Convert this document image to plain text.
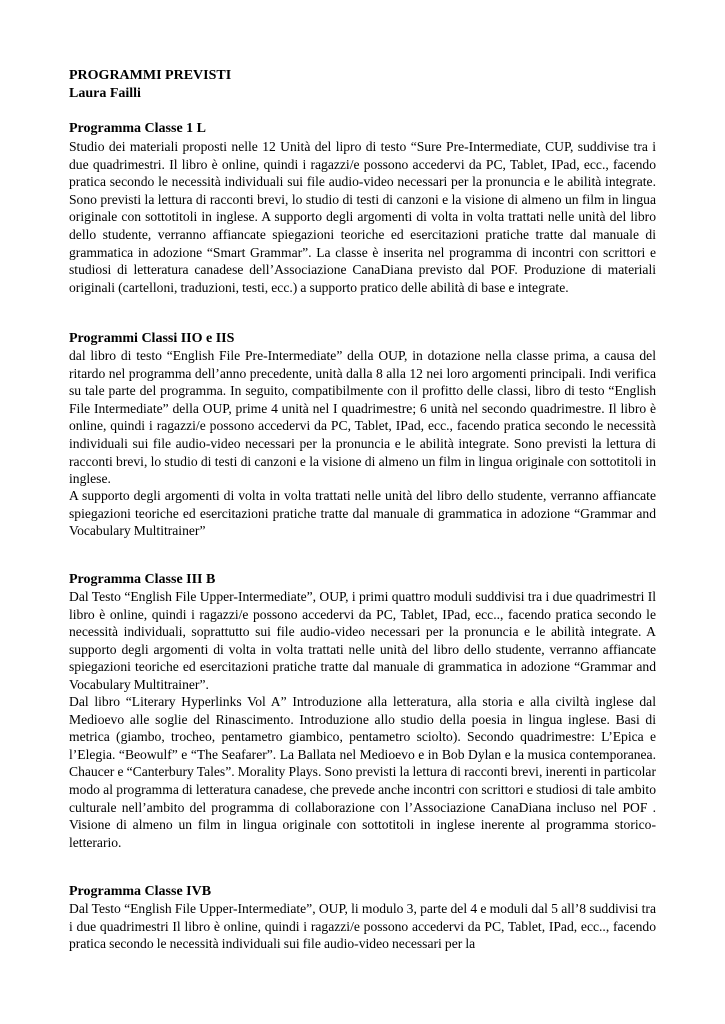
PROGRAMMI PREVISTI
Laura Failli
Programma Classe 1 L
Studio dei materiali proposti nelle 12 Unità del lipro di testo “Sure Pre-Intermediate, CUP, suddivise tra i due quadrimestri. Il libro è online, quindi i ragazzi/e possono accedervi da PC, Tablet, IPad, ecc., facendo pratica secondo le necessità individuali sui file audio-video necessari per la pronuncia e le abilità integrate. Sono previsti la lettura di racconti brevi, lo studio di testi di canzoni e la visione di almeno un film in lingua originale con sottotitoli in inglese. A supporto degli argomenti di volta in volta trattati nelle unità del libro dello studente, verranno affiancate spiegazioni teoriche ed esercitazioni pratiche tratte dal manuale di grammatica in adozione “Smart Grammar”. La classe è inserita nel programma di incontri con scrittori e studiosi di letteratura canadese dell’Associazione CanaDiana previsto dal POF. Produzione di materiali originali (cartelloni, traduzioni, testi, ecc.) a supporto pratico delle abilità di base e integrate.
Programmi Classi IIO e IIS
dal libro di testo “English File Pre-Intermediate” della OUP, in dotazione nella classe prima, a causa del ritardo nel programma dell’anno precedente, unità dalla 8 alla 12 nei loro argomenti principali. Indi verifica su tale parte del programma. In seguito, compatibilmente con il profitto delle classi, libro di testo “English File Intermediate” della OUP, prime 4 unità nel I quadrimestre; 6 unità nel secondo quadrimestre. Il libro è online, quindi i ragazzi/e possono accedervi da PC, Tablet, IPad, ecc., facendo pratica secondo le necessità individuali sui file audio-video necessari per la pronuncia e le abilità integrate. Sono previsti la lettura di racconti brevi, lo studio di testi di canzoni e la visione di almeno un film in lingua originale con sottotitoli in inglese.
A supporto degli argomenti di volta in volta trattati nelle unità del libro dello studente, verranno affiancate spiegazioni teoriche ed esercitazioni pratiche tratte dal manuale di grammatica in adozione “Grammar and Vocabulary Multitrainer”
Programma Classe III B
Dal Testo “English File Upper-Intermediate”, OUP, i primi quattro moduli suddivisi tra i due quadrimestri Il libro è online, quindi i ragazzi/e possono accedervi da PC, Tablet, IPad, ecc.., facendo pratica secondo le necessità individuali, soprattutto sui file audio-video necessari per la pronuncia e le abilità integrate. A supporto degli argomenti di volta in volta trattati nelle unità del libro dello studente, verranno affiancate spiegazioni teoriche ed esercitazioni pratiche tratte dal manuale di grammatica in adozione “Grammar and Vocabulary Multitrainer”.
Dal libro “Literary Hyperlinks Vol A” Introduzione alla letteratura, alla storia e alla civiltà inglese dal Medioevo alle soglie del Rinascimento. Introduzione allo studio della poesia in lingua inglese. Basi di metrica (giambo, trocheo, pentametro giambico, pentametro sciolto). Secondo quadrimestre: L’Epica e l’Elegia. “Beowulf” e “The Seafarer”. La Ballata nel Medioevo e in Bob Dylan e la musica contemporanea. Chaucer e “Canterbury Tales”. Morality Plays. Sono previsti la lettura di racconti brevi, inerenti in particolar modo al programma di letteratura canadese, che prevede anche incontri con scrittori e studiosi di tale ambito culturale nell’ambito del programma di collaborazione con l’Associazione CanaDiana incluso nel POF . Visione di almeno un film in lingua originale con sottotitoli in inglese inerente al programma storico-letterario.
Programma Classe IVB
Dal Testo “English File Upper-Intermediate”, OUP, li modulo 3, parte del 4 e moduli dal 5 all’8 suddivisi tra i due quadrimestri Il libro è online, quindi i ragazzi/e possono accedervi da PC, Tablet, IPad, ecc.., facendo pratica secondo le necessità individuali sui file audio-video necessari per la
